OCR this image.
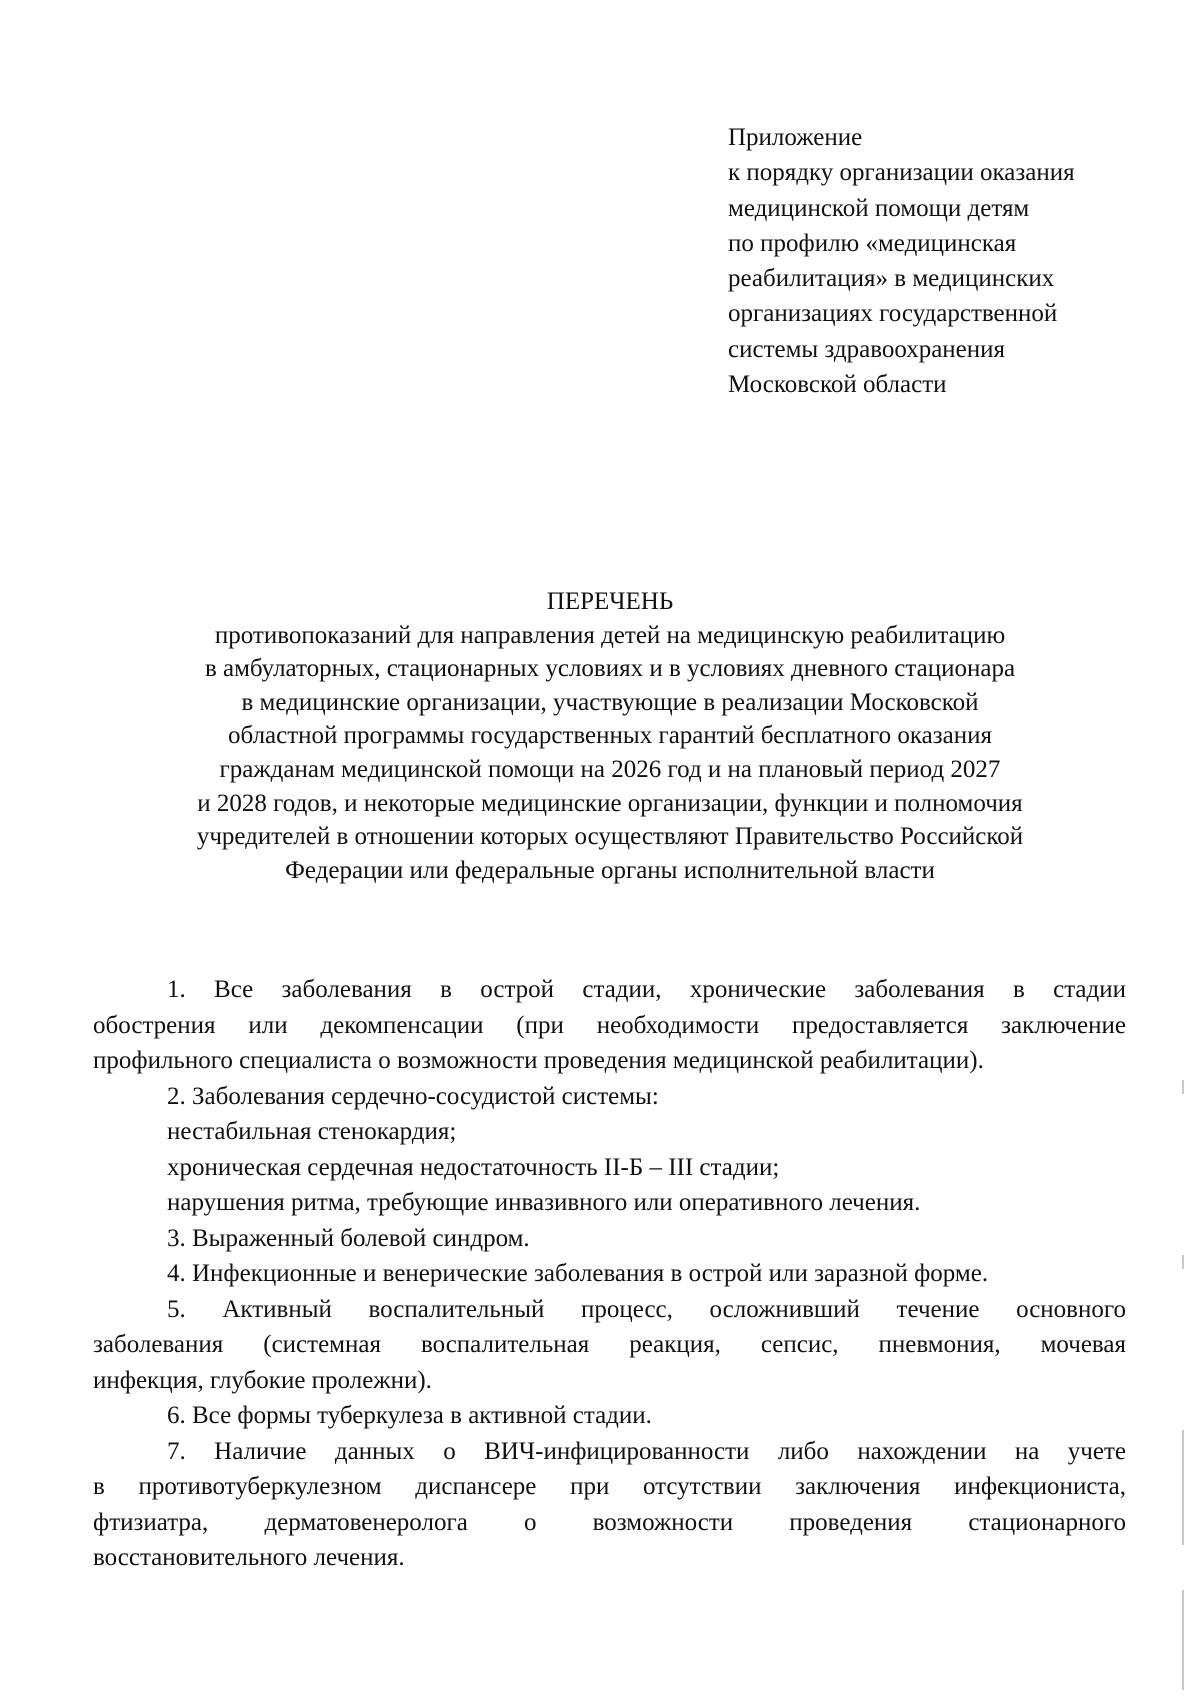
Приложение
к порядку организации оказания
медицинской помощи детям
по профилю «медицинская
реабилитация» в медицинских
организациях государственной
системы здравоохранения
Московской области
ПЕРЕЧЕНЬ
противопоказаний для направления детей на медицинскую реабилитацию
в амбулаторных, стационарных условиях и в условиях дневного стационара
в медицинские организации, участвующие в реализации Московской
областной программы государственных гарантий бесплатного оказания
гражданам медицинской помощи на 2026 год и на плановый период 2027
и 2028 годов, и некоторые медицинские организации, функции и полномочия
учредителей в отношении которых осуществляют Правительство Российской
Федерации или федеральные органы исполнительной власти
1. Все заболевания в острой стадии, хронические заболевания в стадии
обострения или декомпенсации (при необходимости предоставляется заключение
профильного специалиста о возможности проведения медицинской реабилитации).
2. Заболевания сердечно-сосудистой системы:
нестабильная стенокардия;
хроническая сердечная недостаточность II-Б – III стадии;
нарушения ритма, требующие инвазивного или оперативного лечения.
3. Выраженный болевой синдром.
4. Инфекционные и венерические заболевания в острой или заразной форме.
5. Активный воспалительный процесс, осложнивший течение основного
заболевания (системная воспалительная реакция, сепсис, пневмония, мочевая
инфекция, глубокие пролежни).
6. Все формы туберкулеза в активной стадии.
7. Наличие данных о ВИЧ-инфицированности либо нахождении на учете
в противотуберкулезном диспансере при отсутствии заключения инфекциониста,
фтизиатра, дерматовенеролога о возможности проведения стационарного
восстановительного лечения.
